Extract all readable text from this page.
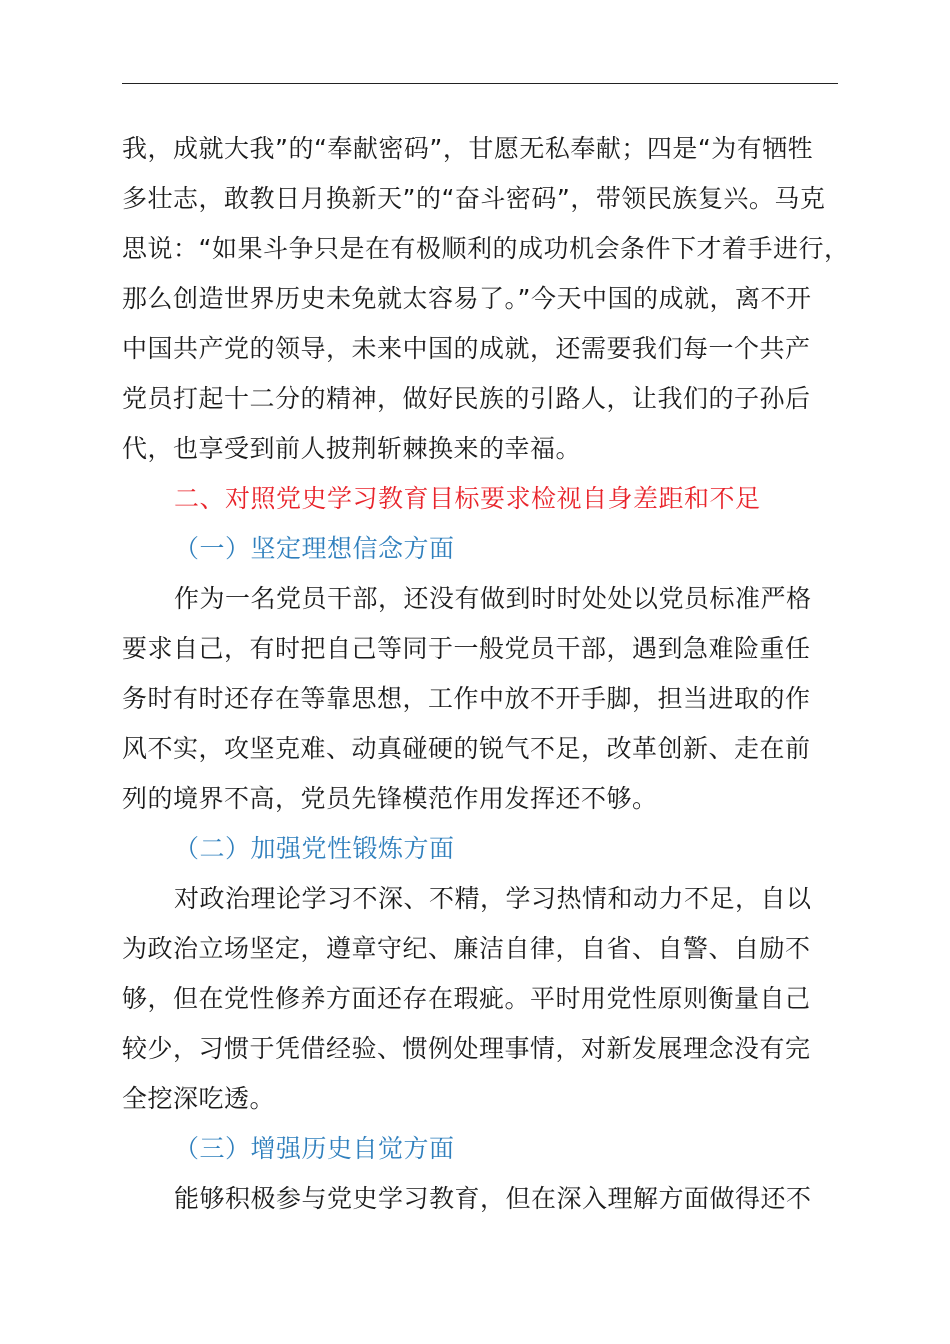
我，成就大我”的“奉献密码”，甘愿无私奉献；四是“为有牺牲
多壮志，敢教日月换新天”的“奋斗密码”，带领民族复兴。马克
思说：“如果斗争只是在有极顺利的成功机会条件下才着手进行，
那么创造世界历史未免就太容易了。”今天中国的成就，离不开
中国共产党的领导，未来中国的成就，还需要我们每一个共产
党员打起十二分的精神，做好民族的引路人，让我们的子孙后
代，也享受到前人披荆斩棘换来的幸福。
二、对照党史学习教育目标要求检视自身差距和不足
（一）坚定理想信念方面
作为一名党员干部，还没有做到时时处处以党员标准严格
要求自己，有时把自己等同于一般党员干部，遇到急难险重任
务时有时还存在等靠思想，工作中放不开手脚，担当进取的作
风不实，攻坚克难、动真碰硬的锐气不足，改革创新、走在前
列的境界不高，党员先锋模范作用发挥还不够。
（二）加强党性锻炼方面
对政治理论学习不深、不精，学习热情和动力不足，自以
为政治立场坚定，遵章守纪、廉洁自律，自省、自警、自励不
够，但在党性修养方面还存在瑕疵。平时用党性原则衡量自己
较少，习惯于凭借经验、惯例处理事情，对新发展理念没有完
全挖深吃透。
（三）增强历史自觉方面
能够积极参与党史学习教育，但在深入理解方面做得还不
